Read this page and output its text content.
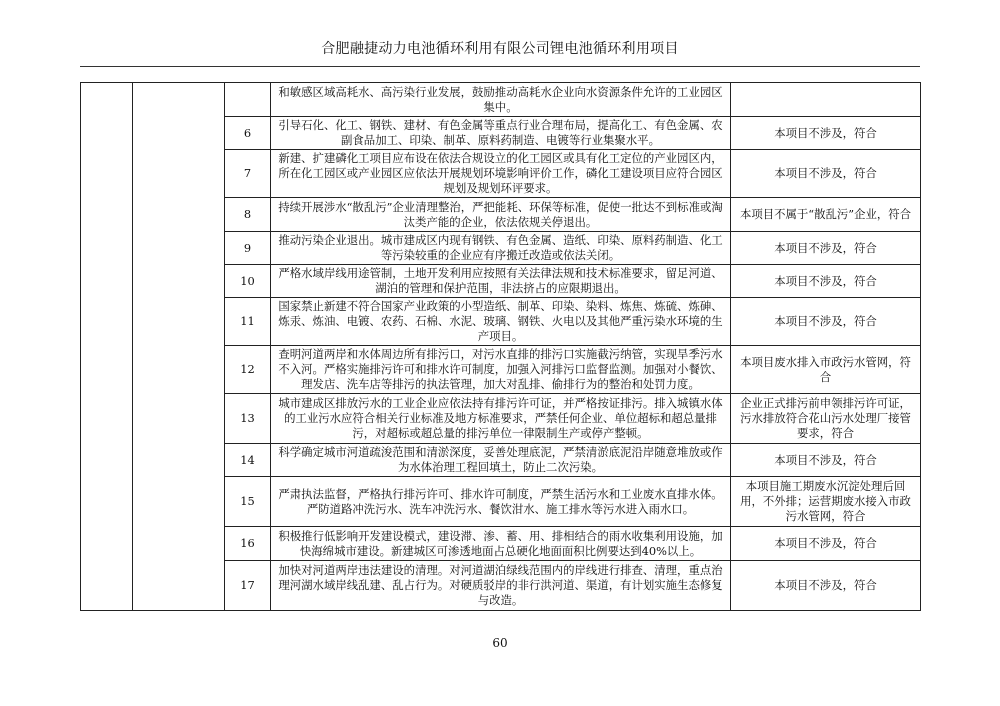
合肥融捷动力电池循环利用有限公司锂电池循环利用项目
			和敏感区域高耗水、高污染行业发展，鼓励推动高耗水企业向水资源条件允许的工业园区集中。	
		6	引导石化、化工、钢铁、建材、有色金属等重点行业合理布局，提高化工、有色金属、农副食品加工、印染、制革、原料药制造、电镀等行业集聚水平。	本项目不涉及，符合
		7	新建、扩建磷化工项目应布设在依法合规设立的化工园区或具有化工定位的产业园区内，所在化工园区或产业园区应依法开展规划环境影响评价工作，磷化工建设项目应符合园区规划及规划环评要求。	本项目不涉及，符合
		8	持续开展涉水“散乱污”企业清理整治，严把能耗、环保等标准，促使一批达不到标准或淘汰类产能的企业，依法依规关停退出。	本项目不属于“散乱污”企业，符合
		9	推动污染企业退出。城市建成区内现有钢铁、有色金属、造纸、印染、原料药制造、化工等污染较重的企业应有序搬迁改造或依法关闭。	本项目不涉及，符合
		10	严格水域岸线用途管制，土地开发利用应按照有关法律法规和技术标准要求，留足河道、湖泊的管理和保护范围，非法挤占的应限期退出。	本项目不涉及，符合
		11	国家禁止新建不符合国家产业政策的小型造纸、制革、印染、染料、炼焦、炼硫、炼砷、炼汞、炼油、电镀、农药、石棉、水泥、玻璃、钢铁、火电以及其他严重污染水环境的生产项目。	本项目不涉及，符合
		12	查明河道两岸和水体周边所有排污口，对污水直排的排污口实施截污纳管，实现旱季污水不入河。严格实施排污许可和排水许可制度，加强入河排污口监督监测。加强对小餐饮、理发店、洗车店等排污的执法管理，加大对乱排、偷排行为的整治和处罚力度。	本项目废水排入市政污水管网，符合
		13	城市建成区排放污水的工业企业应依法持有排污许可证，并严格按证排污。排入城镇水体的工业污水应符合相关行业标准及地方标准要求，严禁任何企业、单位超标和超总量排污，对超标或超总量的排污单位一律限制生产或停产整顿。	企业正式排污前申领排污许可证，污水排放符合花山污水处理厂接管要求，符合
		14	科学确定城市河道疏浚范围和清淤深度，妥善处理底泥，严禁清淤底泥沿岸随意堆放或作为水体治理工程回填土，防止二次污染。	本项目不涉及，符合
		15	严肃执法监督，严格执行排污许可、排水许可制度，严禁生活污水和工业废水直排水体。严防道路冲洗污水、洗车冲洗污水、餐饮泔水、施工排水等污水进入雨水口。	本项目施工期废水沉淀处理后回用，不外排；运营期废水接入市政污水管网，符合
		16	积极推行低影响开发建设模式，建设滞、渗、蓄、用、排相结合的雨水收集利用设施，加快海绵城市建设。新建城区可渗透地面占总硬化地面面积比例要达到40%以上。	本项目不涉及，符合
		17	加快对河道两岸违法建设的清理。对河道湖泊绿线范围内的岸线进行排查、清理，重点治理河湖水域岸线乱建、乱占行为。对硬质驳岸的非行洪河道、渠道，有计划实施生态修复与改造。	本项目不涉及，符合
60
